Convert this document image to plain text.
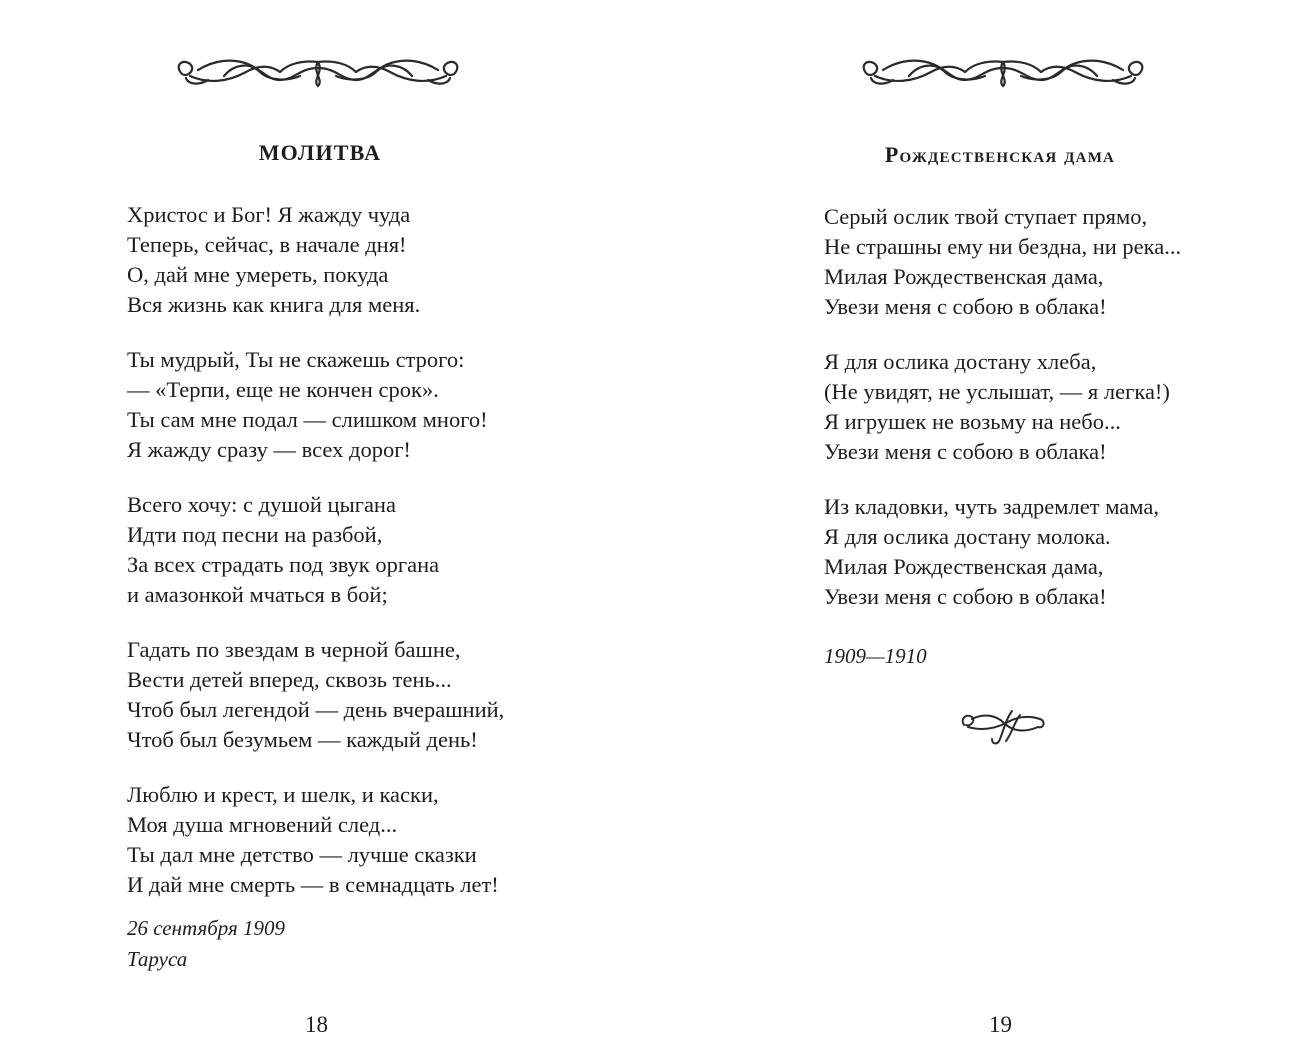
МОЛИТВА
Христос и Бог! Я жажду чуда
Теперь, сейчас, в начале дня!
О, дай мне умереть, покуда
Вся жизнь как книга для меня.
Ты мудрый, Ты не скажешь строго:
— «Терпи, еще не кончен срок».
Ты сам мне подал — слишком много!
Я жажду сразу — всех дорог!
Всего хочу: с душой цыгана
Идти под песни на разбой,
За всех страдать под звук органа
и амазонкой мчаться в бой;
Гадать по звездам в черной башне,
Вести детей вперед, сквозь тень...
Чтоб был легендой — день вчерашний,
Чтоб был безумьем — каждый день!
Люблю и крест, и шелк, и каски,
Моя душа мгновений след...
Ты дал мне детство — лучше сказки
И дай мне смерть — в семнадцать лет!
26 сентября 1909
Таруса
18
Рождественская дама
Серый ослик твой ступает прямо,
Не страшны ему ни бездна, ни река...
Милая Рождественская дама,
Увези меня с собою в облака!
Я для ослика достану хлеба,
(Не увидят, не услышат, — я легка!)
Я игрушек не возьму на небо...
Увези меня с собою в облака!
Из кладовки, чуть задремлет мама,
Я для ослика достану молока.
Милая Рождественская дама,
Увези меня с собою в облака!
1909—1910
19
